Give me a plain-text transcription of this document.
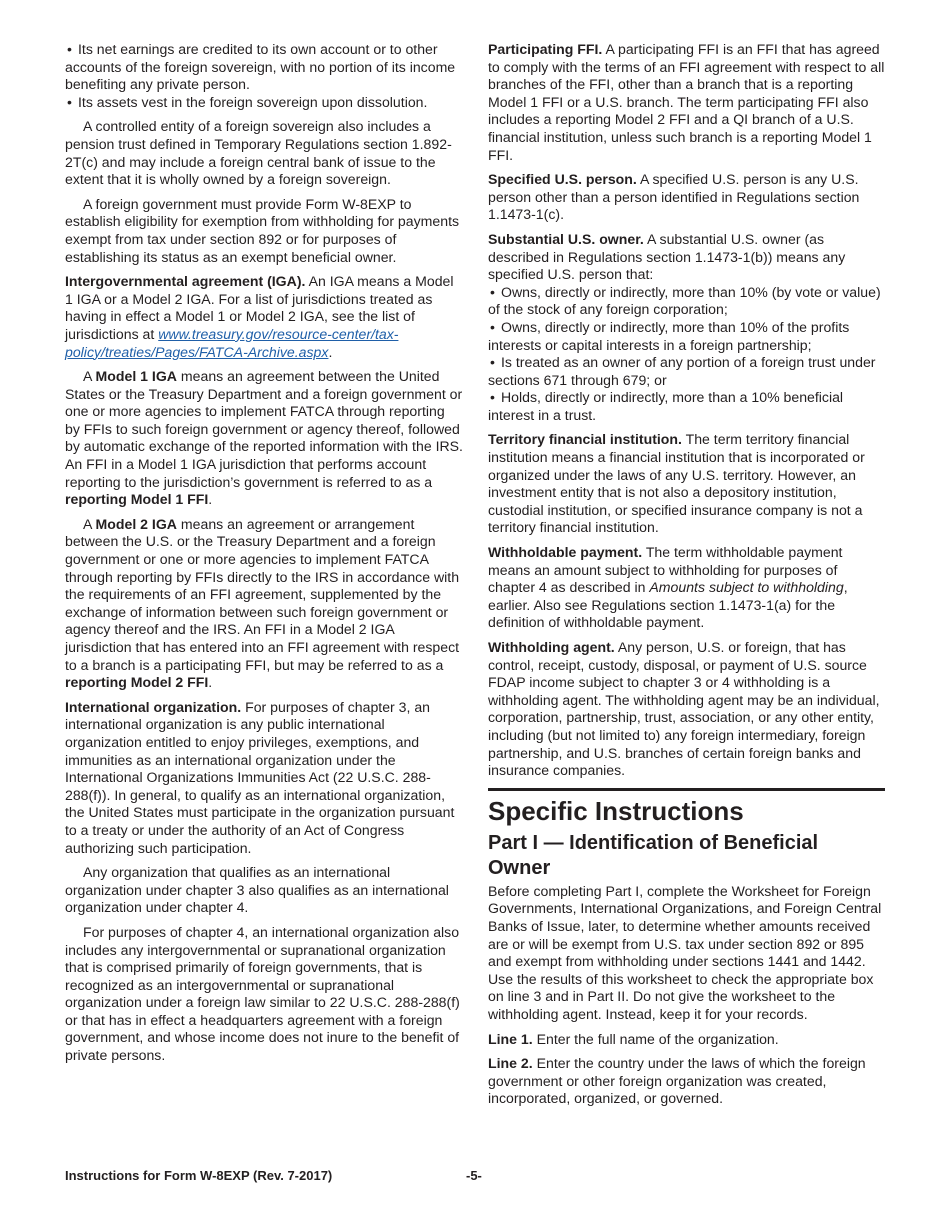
• Its net earnings are credited to its own account or to other accounts of the foreign sovereign, with no portion of its income benefiting any private person.

• Its assets vest in the foreign sovereign upon dissolution.

A controlled entity of a foreign sovereign also includes a pension trust defined in Temporary Regulations section 1.892-2T(c) and may include a foreign central bank of issue to the extent that it is wholly owned by a foreign sovereign.

A foreign government must provide Form W-8EXP to establish eligibility for exemption from withholding for payments exempt from tax under section 892 or for purposes of establishing its status as an exempt beneficial owner.

Intergovernmental agreement (IGA). An IGA means a Model 1 IGA or a Model 2 IGA. For a list of jurisdictions treated as having in effect a Model 1 or Model 2 IGA, see the list of jurisdictions at www.treasury.gov/resource-center/tax-policy/treaties/Pages/FATCA-Archive.aspx.

A Model 1 IGA means an agreement between the United States or the Treasury Department and a foreign government or one or more agencies to implement FATCA through reporting by FFIs to such foreign government or agency thereof, followed by automatic exchange of the reported information with the IRS. An FFI in a Model 1 IGA jurisdiction that performs account reporting to the jurisdiction’s government is referred to as a reporting Model 1 FFI.

A Model 2 IGA means an agreement or arrangement between the U.S. or the Treasury Department and a foreign government or one or more agencies to implement FATCA through reporting by FFIs directly to the IRS in accordance with the requirements of an FFI agreement, supplemented by the exchange of information between such foreign government or agency thereof and the IRS. An FFI in a Model 2 IGA jurisdiction that has entered into an FFI agreement with respect to a branch is a participating FFI, but may be referred to as a reporting Model 2 FFI.

International organization. For purposes of chapter 3, an international organization is any public international organization entitled to enjoy privileges, exemptions, and immunities as an international organization under the International Organizations Immunities Act (22 U.S.C. 288-288(f)). In general, to qualify as an international organization, the United States must participate in the organization pursuant to a treaty or under the authority of an Act of Congress authorizing such participation.

Any organization that qualifies as an international organization under chapter 3 also qualifies as an international organization under chapter 4.

For purposes of chapter 4, an international organization also includes any intergovernmental or supranational organization that is comprised primarily of foreign governments, that is recognized as an intergovernmental or supranational organization under a foreign law similar to 22 U.S.C. 288-288(f) or that has in effect a headquarters agreement with a foreign government, and whose income does not inure to the benefit of private persons.

Participating FFI. A participating FFI is an FFI that has agreed to comply with the terms of an FFI agreement with respect to all branches of the FFI, other than a branch that is a reporting Model 1 FFI or a U.S. branch. The term participating FFI also includes a reporting Model 2 FFI and a QI branch of a U.S. financial institution, unless such branch is a reporting Model 1 FFI.

Specified U.S. person. A specified U.S. person is any U.S. person other than a person identified in Regulations section 1.1473-1(c).

Substantial U.S. owner. A substantial U.S. owner (as described in Regulations section 1.1473-1(b)) means any specified U.S. person that:

• Owns, directly or indirectly, more than 10% (by vote or value) of the stock of any foreign corporation;

• Owns, directly or indirectly, more than 10% of the profits interests or capital interests in a foreign partnership;

• Is treated as an owner of any portion of a foreign trust under sections 671 through 679; or

• Holds, directly or indirectly, more than a 10% beneficial interest in a trust.

Territory financial institution. The term territory financial institution means a financial institution that is incorporated or organized under the laws of any U.S. territory. However, an investment entity that is not also a depository institution, custodial institution, or specified insurance company is not a territory financial institution.

Withholdable payment. The term withholdable payment means an amount subject to withholding for purposes of chapter 4 as described in Amounts subject to withholding, earlier. Also see Regulations section 1.1473-1(a) for the definition of withholdable payment.

Withholding agent. Any person, U.S. or foreign, that has control, receipt, custody, disposal, or payment of U.S. source FDAP income subject to chapter 3 or 4 withholding is a withholding agent. The withholding agent may be an individual, corporation, partnership, trust, association, or any other entity, including (but not limited to) any foreign intermediary, foreign partnership, and U.S. branches of certain foreign banks and insurance companies.

Specific Instructions
Part I — Identification of Beneficial Owner

Before completing Part I, complete the Worksheet for Foreign Governments, International Organizations, and Foreign Central Banks of Issue, later, to determine whether amounts received are or will be exempt from U.S. tax under section 892 or 895 and exempt from withholding under sections 1441 and 1442. Use the results of this worksheet to check the appropriate box on line 3 and in Part II. Do not give the worksheet to the withholding agent. Instead, keep it for your records.

Line 1. Enter the full name of the organization.

Line 2. Enter the country under the laws of which the foreign government or other foreign organization was created, incorporated, organized, or governed.

Instructions for Form W-8EXP (Rev. 7-2017)	-5-
